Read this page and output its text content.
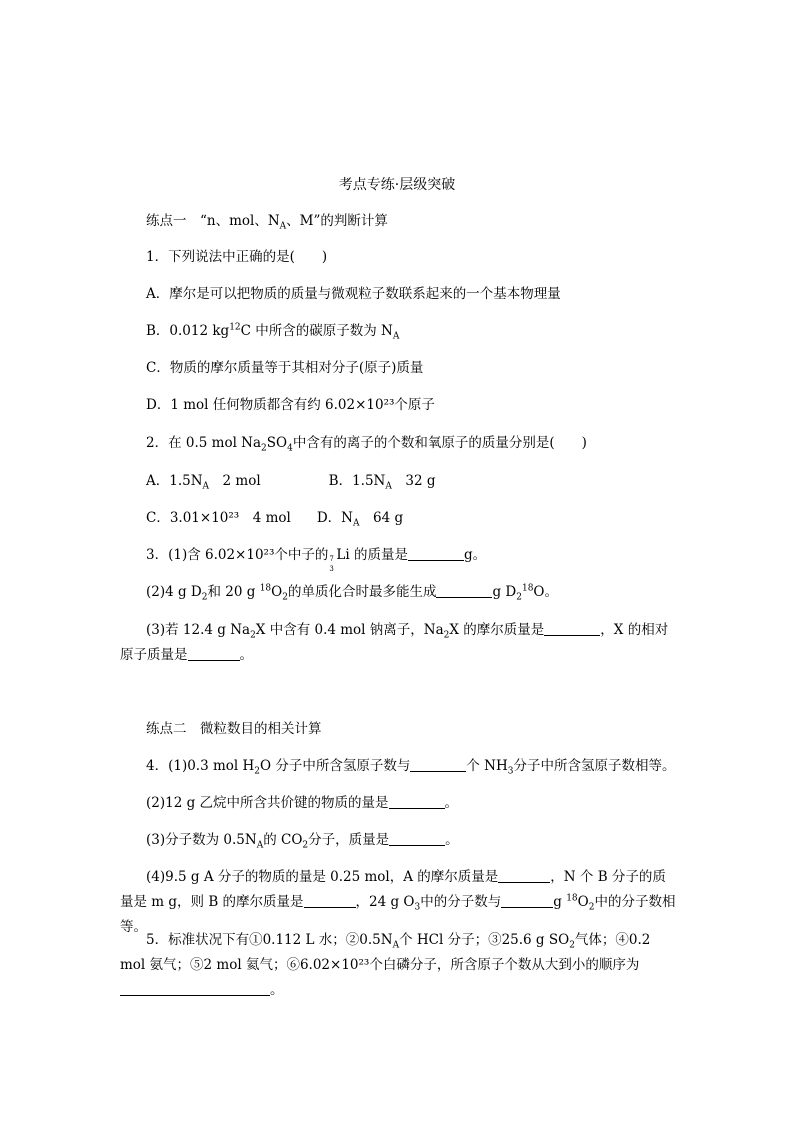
考点专练·层级突破
练点一　“n、mol、$N_A$、M”的判断计算
1．下列说法中正确的是(　　)
A．摩尔是可以把物质的质量与微观粒子数联系起来的一个基本物理量
B．0.012 $kg^{12}C$ 中所含的碳原子数为 $N_A$
C．物质的摩尔质量等于其相对分子(原子)质量
D．1 mol 任何物质都含有约 6.02×10²³个原子
2．在 0.5 mol $Na_2SO_4$中含有的离子的个数和氧原子的质量分别是(　　)
A．$1.5N_A$　2 mol	B．$1.5N_A$　32 g
C．3.01×10²³　4 mol D．$N_A$　64 g
3．(1)含 6.02×10²³个中子的 7
3
Li 的质量是	g。
(2)4 g $D_2$和 20 g $^{18}O_2$的单质化合时最多能生成	g $D_2^{18}O$。
(3)若 12.4 g $Na_2X$ 中含有 0.4 mol 钠离子，$Na_2X$ 的摩尔质量是	，X 的相对原子质量是	。
练点二　微粒数目的相关计算
4．(1)0.3 mol $H_2O$ 分子中所含氢原子数与	个 $NH_3$分子中所含氢原子数相等。
(2)12 g 乙烷中所含共价键的物质的量是	。
(3)分子数为 $0.5N_A$的 $CO_2$分子，质量是	。
(4)9.5 g A 分子的物质的量是 0.25 mol，A 的摩尔质量是	，N 个 B 分子的质量是 m g，则 B 的摩尔质量是	，24 g $O_3$中的分子数与	g $^{18}O_2$中的分子数相等。
5．标准状况下有①0.112 L 水；$②0.5N_A$个 HCl 分子；③25.6 g $SO_2$气体；④0.2 mol 氨气；⑤2 mol 氦气；⑥6.02×10²³个白磷分子，所含原子个数从大到小的顺序为。
